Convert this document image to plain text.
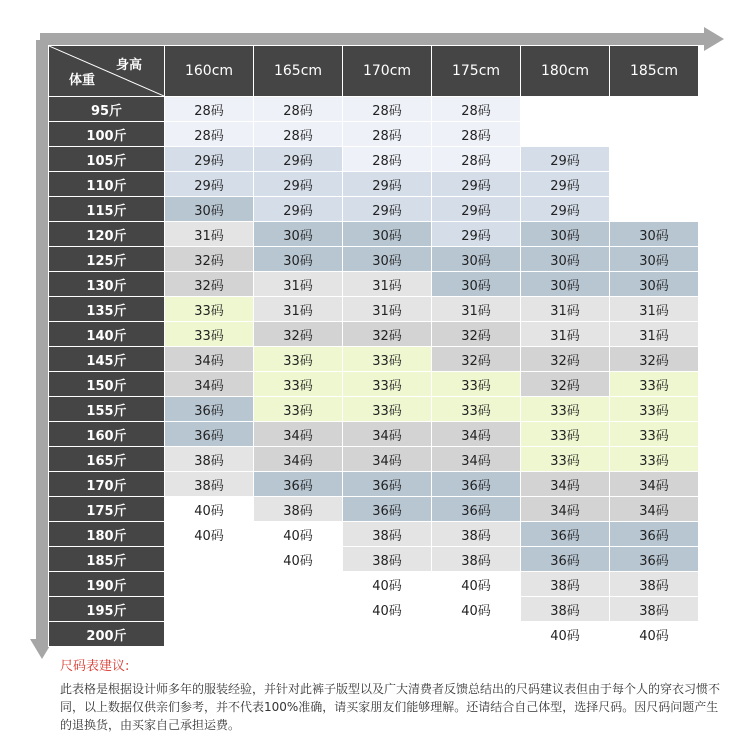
身高
体重	160cm	165cm	170cm	175cm	180cm	185cm
95斤	28码	28码	28码	28码		
100斤	28码	28码	28码	28码		
105斤	29码	29码	28码	28码	29码	
110斤	29码	29码	29码	29码	29码	
115斤	30码	29码	29码	29码	29码	
120斤	31码	30码	30码	29码	30码	30码
125斤	32码	30码	30码	30码	30码	30码
130斤	32码	31码	31码	30码	30码	30码
135斤	33码	31码	31码	31码	31码	31码
140斤	33码	32码	32码	32码	31码	31码
145斤	34码	33码	33码	32码	32码	32码
150斤	34码	33码	33码	33码	32码	33码
155斤	36码	33码	33码	33码	33码	33码
160斤	36码	34码	34码	34码	33码	33码
165斤	38码	34码	34码	34码	33码	33码
170斤	38码	36码	36码	36码	34码	34码
175斤	40码	38码	36码	36码	34码	34码
180斤	40码	40码	38码	38码	36码	36码
185斤		40码	38码	38码	36码	36码
190斤			40码	40码	38码	38码
195斤			40码	40码	38码	38码
200斤					40码	40码

尺码表建议:

此表格是根据设计师多年的服装经验，并针对此裤子版型以及广大清费者反馈总结出的尺码建议表但由于每个人的穿衣习惯不同，以上数据仅供亲们参考，并不代表100%准确，请买家朋友们能够理解。还请结合自己体型，选择尺码。因尺码问题产生的退换货，由买家自己承担运费。
